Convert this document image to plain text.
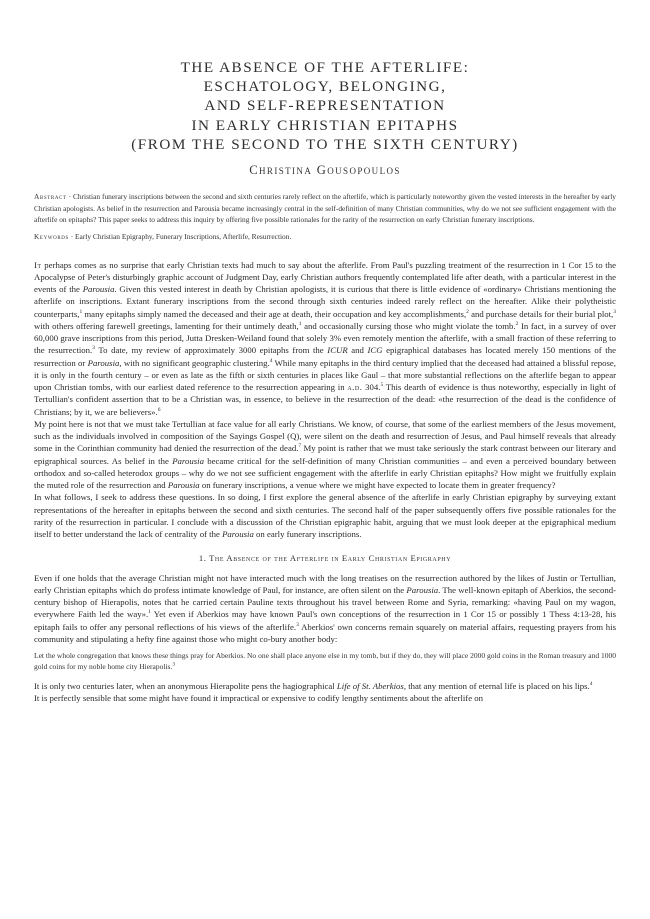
THE ABSENCE OF THE AFTERLIFE:
ESCHATOLOGY, BELONGING,
AND SELF-REPRESENTATION
IN EARLY CHRISTIAN EPITAPHS
(FROM THE SECOND TO THE SIXTH CENTURY)
Christina Gousopoulos
Abstract · Christian funerary inscriptions between the second and sixth centuries rarely reflect on the afterlife, which is particularly noteworthy given the vested interests in the hereafter by early Christian apologists. As belief in the resurrection and Parousia became increasingly central in the self-definition of many Christian communities, why do we not see sufficient engagement with the afterlife on epitaphs? This paper seeks to address this inquiry by offering five possible rationales for the rarity of the resurrection on early Christian funerary inscriptions.
Keywords · Early Christian Epigraphy, Funerary Inscriptions, Afterlife, Resurrection.

It perhaps comes as no surprise that early Christian texts had much to say about the afterlife. From Paul's puzzling treatment of the resurrection in 1 Cor 15 to the Apocalypse of Peter's disturbingly graphic account of Judgment Day, early Christian authors frequently contemplated life after death, with a particular interest in the events of the Parousia. Given this vested interest in death by Christian apologists, it is curious that there is little evidence of «ordinary» Christians mentioning the afterlife on inscriptions. Extant funerary inscriptions from the second through sixth centuries indeed rarely reflect on the hereafter. Alike their polytheistic counterparts,$^1$ many epitaphs simply named the deceased and their age at death, their occupation and key accomplishments,$^2$ and purchase details for their burial plot,$^3$ with others offering farewell greetings, lamenting for their untimely death,$^1$ and occasionally cursing those who might violate the tomb.$^2$ In fact, in a survey of over 60,000 grave inscriptions from this period, Jutta Dresken-Weiland found that solely 3% even remotely mention the afterlife, with a small fraction of these referring to the resurrection.$^3$ To date, my review of approximately 3000 epitaphs from the ICUR and ICG epigraphical databases has located merely 150 mentions of the resurrection or Parousia, with no significant geographic clustering.$^4$ While many epitaphs in the third century implied that the deceased had attained a blissful repose, it is only in the fourth century – or even as late as the fifth or sixth centuries in places like Gaul – that more substantial reflections on the afterlife began to appear upon Christian tombs, with our earliest dated reference to the resurrection appearing in a.d. 304.$^5$ This dearth of evidence is thus noteworthy, especially in light of Tertullian's confident assertion that to be a Christian was, in essence, to believe in the resurrection of the dead: «the resurrection of the dead is the confidence of Christians; by it, we are believers».$^6$

My point here is not that we must take Tertullian at face value for all early Christians. We know, of course, that some of the earliest members of the Jesus movement, such as the individuals involved in composition of the Sayings Gospel (Q), were silent on the death and resurrection of Jesus, and Paul himself reveals that already some in the Corinthian community had denied the resurrection of the dead.$^7$ My point is rather that we must take seriously the stark contrast between our literary and epigraphical sources. As belief in the Parousia became critical for the self-definition of many Christian communities – and even a perceived boundary between orthodox and so-called heterodox groups – why do we not see sufficient engagement with the afterlife in early Christian epitaphs? How might we fruitfully explain the muted role of the resurrection and Parousia on funerary inscriptions, a venue where we might have expected to locate them in greater frequency?

In what follows, I seek to address these questions. In so doing, I first explore the general absence of the afterlife in early Christian epigraphy by surveying extant representations of the hereafter in epitaphs between the second and sixth centuries. The second half of the paper subsequently offers five possible rationales for the rarity of the resurrection in particular. I conclude with a discussion of the Christian epigraphic habit, arguing that we must look deeper at the epigraphical medium itself to better understand the lack of centrality of the Parousia on early funerary inscriptions.

1. The Absence of the Afterlife in Early Christian Epigraphy

Even if one holds that the average Christian might not have interacted much with the long treatises on the resurrection authored by the likes of Justin or Tertullian, early Christian epitaphs which do profess intimate knowledge of Paul, for instance, are often silent on the Parousia. The well-known epitaph of Aberkios, the second-century bishop of Hierapolis, notes that he carried certain Pauline texts throughout his travel between Rome and Syria, remarking: «having Paul on my wagon, everywhere Faith led the way».$^1$ Yet even if Aberkios may have known Paul's own conceptions of the resurrection in 1 Cor 15 or possibly 1 Thess 4:13-28, his epitaph fails to offer any personal reflections of his views of the afterlife.$^3$ Aberkios' own concerns remain squarely on material affairs, requesting prayers from his community and stipulating a hefty fine against those who might co-bury another body:

Let the whole congregation that knows these things pray for Aberkios. No one shall place anyone else in my tomb, but if they do, they will place 2000 gold coins in the Roman treasury and 1000 gold coins for my noble home city Hierapolis.$^3$

It is only two centuries later, when an anonymous Hierapolite pens the hagiographical Life of St. Aberkios, that any mention of eternal life is placed on his lips.$^4$

It is perfectly sensible that some might have found it impractical or expensive to codify lengthy sentiments about the afterlife on
